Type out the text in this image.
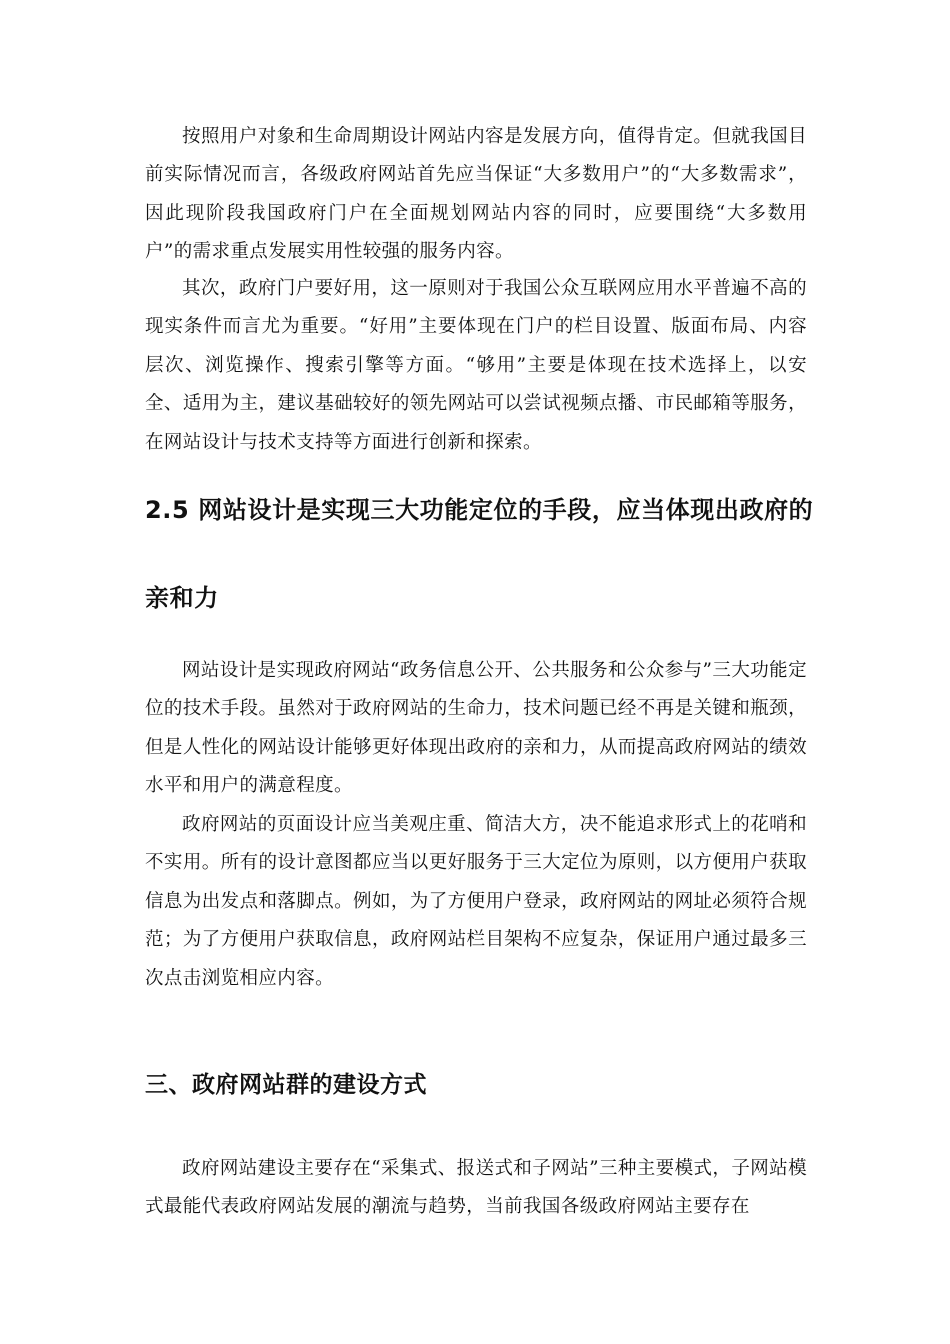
按照用户对象和生命周期设计网站内容是发展方向，值得肯定。但就我国目前实际情况而言，各级政府网站首先应当保证“大多数用户”的“大多数需求”，因此现阶段我国政府门户在全面规划网站内容的同时，应要围绕“大多数用户”的需求重点发展实用性较强的服务内容。

其次，政府门户要好用，这一原则对于我国公众互联网应用水平普遍不高的现实条件而言尤为重要。“好用”主要体现在门户的栏目设置、版面布局、内容层次、浏览操作、搜索引擎等方面。“够用”主要是体现在技术选择上，以安全、适用为主，建议基础较好的领先网站可以尝试视频点播、市民邮箱等服务，在网站设计与技术支持等方面进行创新和探索。

2.5 网站设计是实现三大功能定位的手段，应当体现出政府的亲和力

网站设计是实现政府网站“政务信息公开、公共服务和公众参与”三大功能定位的技术手段。虽然对于政府网站的生命力，技术问题已经不再是关键和瓶颈，但是人性化的网站设计能够更好体现出政府的亲和力，从而提高政府网站的绩效水平和用户的满意程度。

政府网站的页面设计应当美观庄重、简洁大方，决不能追求形式上的花哨和不实用。所有的设计意图都应当以更好服务于三大定位为原则，以方便用户获取信息为出发点和落脚点。例如，为了方便用户登录，政府网站的网址必须符合规范；为了方便用户获取信息，政府网站栏目架构不应复杂，保证用户通过最多三次点击浏览相应内容。

三、政府网站群的建设方式

政府网站建设主要存在“采集式、报送式和子网站”三种主要模式，子网站模式最能代表政府网站发展的潮流与趋势，当前我国各级政府网站主要存在
